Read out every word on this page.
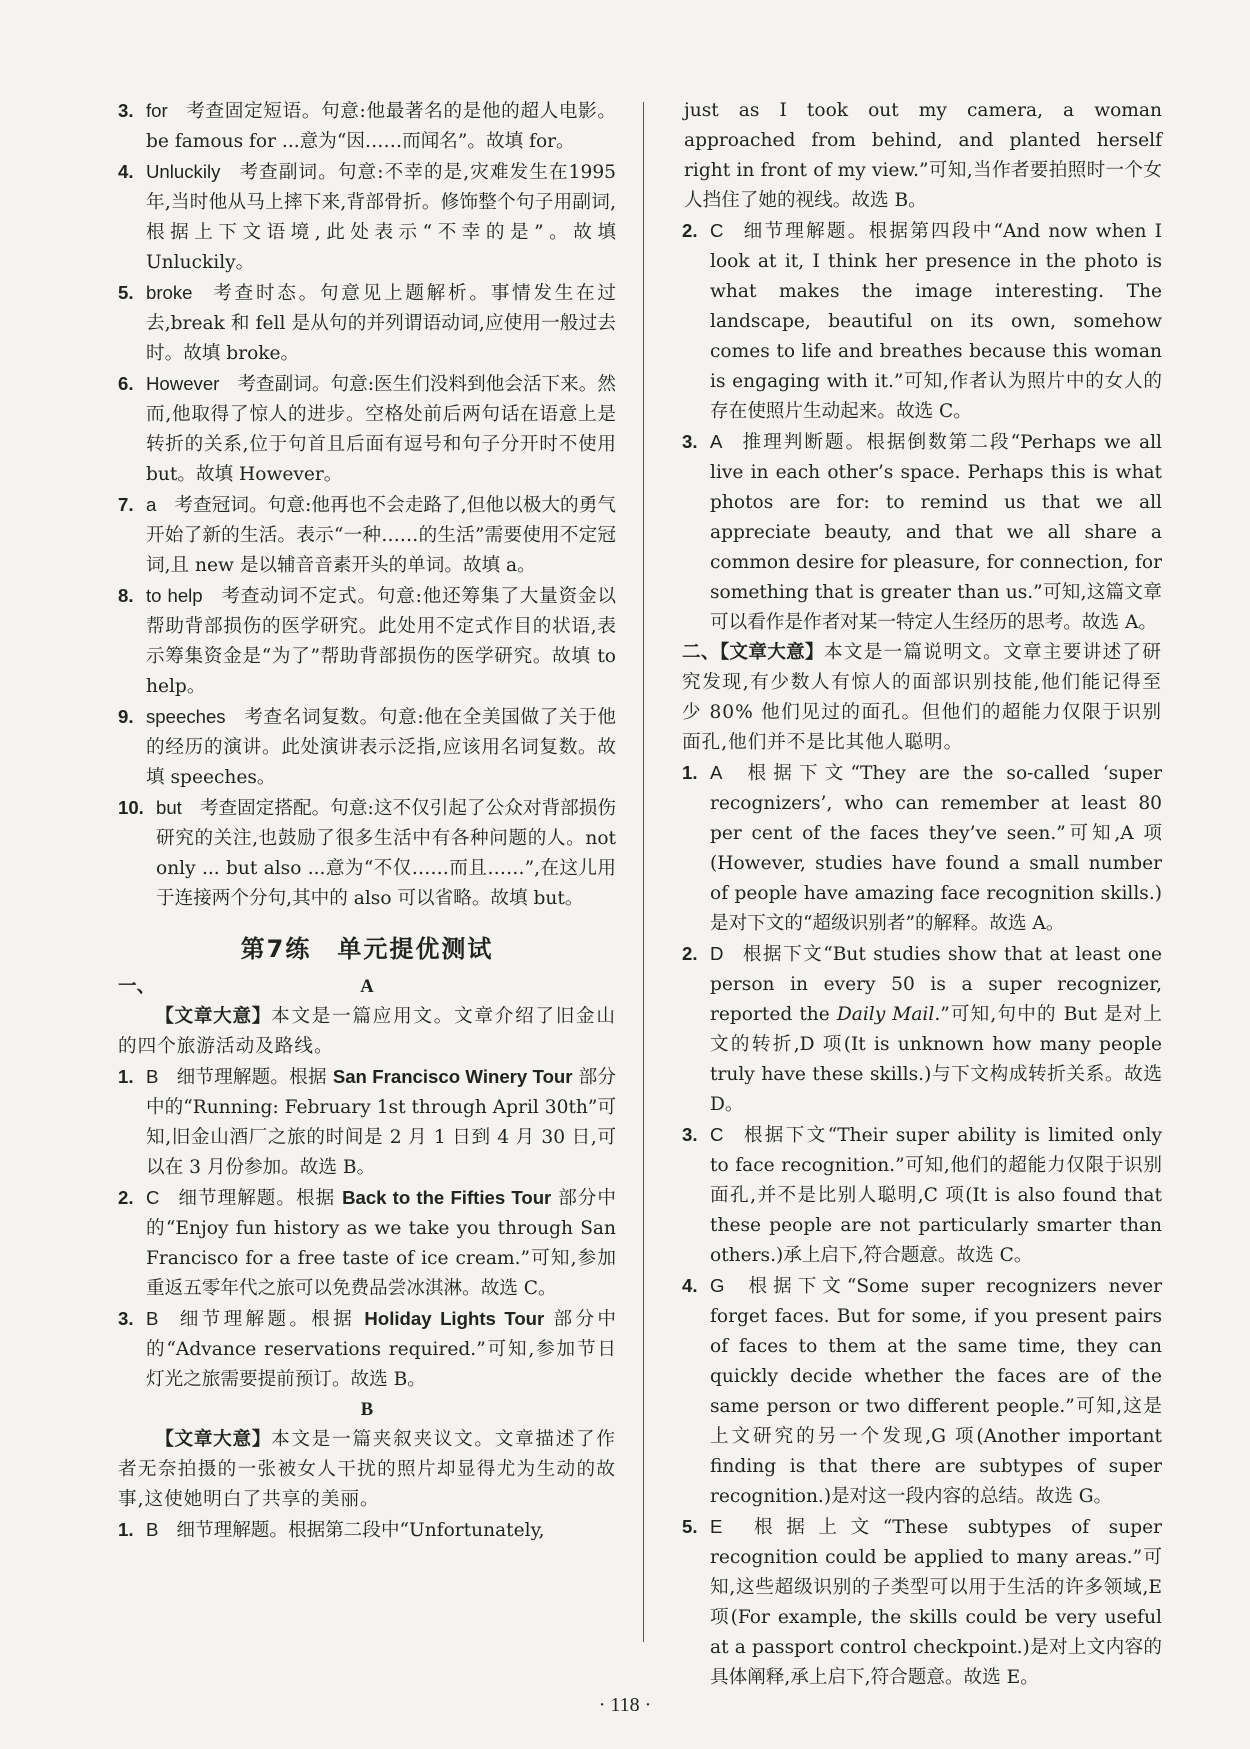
3. for 考查固定短语。句意:他最著名的是他的超人电影。be famous for ...意为“因……而闻名”。故填 for。
4. Unluckily 考查副词。句意:不幸的是,灾难发生在1995年,当时他从马上摔下来,背部骨折。修饰整个句子用副词,根据上下文语境,此处表示“不幸的是”。故填 Unluckily。
5. broke 考查时态。句意见上题解析。事情发生在过去,break 和 fell 是从句的并列谓语动词,应使用一般过去时。故填 broke。
6. However 考查副词。句意:医生们没料到他会活下来。然而,他取得了惊人的进步。空格处前后两句话在语意上是转折的关系,位于句首且后面有逗号和句子分开时不使用 but。故填 However。
7. a 考查冠词。句意:他再也不会走路了,但他以极大的勇气开始了新的生活。表示“一种……的生活”需要使用不定冠词,且 new 是以辅音音素开头的单词。故填 a。
8. to help 考查动词不定式。句意:他还筹集了大量资金以帮助背部损伤的医学研究。此处用不定式作目的状语,表示筹集资金是“为了”帮助背部损伤的医学研究。故填 to help。
9. speeches 考查名词复数。句意:他在全美国做了关于他的经历的演讲。此处演讲表示泛指,应该用名词复数。故填 speeches。
10. but 考查固定搭配。句意:这不仅引起了公众对背部损伤研究的关注,也鼓励了很多生活中有各种问题的人。not only ... but also ...意为“不仅……而且……”,在这儿用于连接两个分句,其中的 also 可以省略。故填 but。
第7练　单元提优测试
一、	A
【文章大意】本文是一篇应用文。文章介绍了旧金山的四个旅游活动及路线。
1. B 细节理解题。根据 San Francisco Winery Tour 部分中的“Running: February 1st through April 30th”可知,旧金山酒厂之旅的时间是 2 月 1 日到 4 月 30 日,可以在 3 月份参加。故选 B。
2. C 细节理解题。根据 Back to the Fifties Tour 部分中的“Enjoy fun history as we take you through San Francisco for a free taste of ice cream.”可知,参加重返五零年代之旅可以免费品尝冰淇淋。故选 C。
3. B 细节理解题。根据 Holiday Lights Tour 部分中的“Advance reservations required.”可知,参加节日灯光之旅需要提前预订。故选 B。
B
【文章大意】本文是一篇夹叙夹议文。文章描述了作者无奈拍摄的一张被女人干扰的照片却显得尤为生动的故事,这使她明白了共享的美丽。
1. B 细节理解题。根据第二段中“Unfortunately,
just as I took out my camera, a woman approached from behind, and planted herself right in front of my view.”可知,当作者要拍照时一个女人挡住了她的视线。故选 B。
2. C 细节理解题。根据第四段中“And now when I look at it, I think her presence in the photo is what makes the image interesting. The landscape, beautiful on its own, somehow comes to life and breathes because this woman is engaging with it.”可知,作者认为照片中的女人的存在使照片生动起来。故选 C。
3. A 推理判断题。根据倒数第二段“Perhaps we all live in each other’s space. Perhaps this is what photos are for: to remind us that we all appreciate beauty, and that we all share a common desire for pleasure, for connection, for something that is greater than us.”可知,这篇文章可以看作是作者对某一特定人生经历的思考。故选 A。
二、【文章大意】本文是一篇说明文。文章主要讲述了研究发现,有少数人有惊人的面部识别技能,他们能记得至少 80% 他们见过的面孔。但他们的超能力仅限于识别面孔,他们并不是比其他人聪明。
1. A 根据下文“They are the so-called ‘super recognizers’, who can remember at least 80 per cent of the faces they’ve seen.”可知,A 项(However, studies have found a small number of people have amazing face recognition skills.)是对下文的“超级识别者”的解释。故选 A。
2. D 根据下文“But studies show that at least one person in every 50 is a super recognizer, reported the Daily Mail.”可知,句中的 But 是对上文的转折,D 项(It is unknown how many people truly have these skills.)与下文构成转折关系。故选 D。
3. C 根据下文“Their super ability is limited only to face recognition.”可知,他们的超能力仅限于识别面孔,并不是比别人聪明,C 项(It is also found that these people are not particularly smarter than others.)承上启下,符合题意。故选 C。
4. G 根据下文“Some super recognizers never forget faces. But for some, if you present pairs of faces to them at the same time, they can quickly decide whether the faces are of the same person or two different people.”可知,这是上文研究的另一个发现,G 项(Another important finding is that there are subtypes of super recognition.)是对这一段内容的总结。故选 G。
5. E 根据上文“These subtypes of super recognition could be applied to many areas.”可知,这些超级识别的子类型可以用于生活的许多领域,E 项(For example, the skills could be very useful at a passport control checkpoint.)是对上文内容的具体阐释,承上启下,符合题意。故选 E。
· 118 ·
